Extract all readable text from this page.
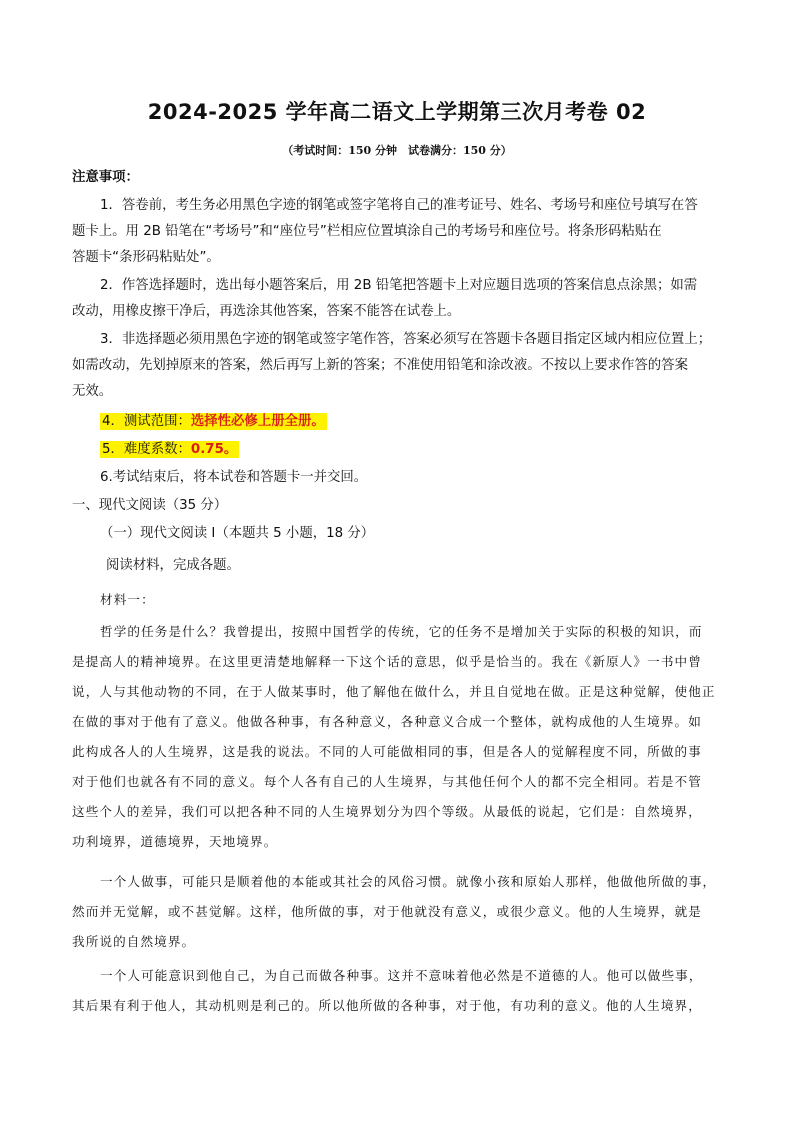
2024-2025 学年高二语文上学期第三次月考卷 02
（考试时间：150 分钟　试卷满分：150 分）

注意事项：

1．答卷前，考生务必用黑色字迹的钢笔或签字笔将自己的准考证号、姓名、考场号和座位号填写在答

题卡上。用 2B 铅笔在“考场号”和“座位号”栏相应位置填涂自己的考场号和座位号。将条形码粘贴在

答题卡“条形码粘贴处”。

2．作答选择题时，选出每小题答案后，用 2B 铅笔把答题卡上对应题目选项的答案信息点涂黑；如需

改动，用橡皮擦干净后，再选涂其他答案，答案不能答在试卷上。

3．非选择题必须用黑色字迹的钢笔或签字笔作答，答案必须写在答题卡各题目指定区域内相应位置上；

如需改动，先划掉原来的答案，然后再写上新的答案；不准使用铅笔和涂改液。不按以上要求作答的答案

无效。

4．测试范围：选择性必修上册全册。

5．难度系数：0.75。

6.考试结束后，将本试卷和答题卡一并交回。

一、现代文阅读（35 分）

（一）现代文阅读 I（本题共 5 小题，18 分）

阅读材料，完成各题。

材料一：

哲学的任务是什么？我曾提出，按照中国哲学的传统，它的任务不是增加关于实际的积极的知识，而

是提高人的精神境界。在这里更清楚地解释一下这个话的意思，似乎是恰当的。我在《新原人》一书中曾

说，人与其他动物的不同，在于人做某事时，他了解他在做什么，并且自觉地在做。正是这种觉解，使他正

在做的事对于他有了意义。他做各种事，有各种意义，各种意义合成一个整体，就构成他的人生境界。如

此构成各人的人生境界，这是我的说法。不同的人可能做相同的事，但是各人的觉解程度不同，所做的事

对于他们也就各有不同的意义。每个人各有自己的人生境界，与其他任何个人的都不完全相同。若是不管

这些个人的差异，我们可以把各种不同的人生境界划分为四个等级。从最低的说起，它们是：自然境界，

功利境界，道德境界，天地境界。

一个人做事，可能只是顺着他的本能或其社会的风俗习惯。就像小孩和原始人那样，他做他所做的事，

然而并无觉解，或不甚觉解。这样，他所做的事，对于他就没有意义，或很少意义。他的人生境界，就是

我所说的自然境界。

一个人可能意识到他自己，为自己而做各种事。这并不意味着他必然是不道德的人。他可以做些事，

其后果有利于他人，其动机则是利己的。所以他所做的各种事，对于他，有功利的意义。他的人生境界，
